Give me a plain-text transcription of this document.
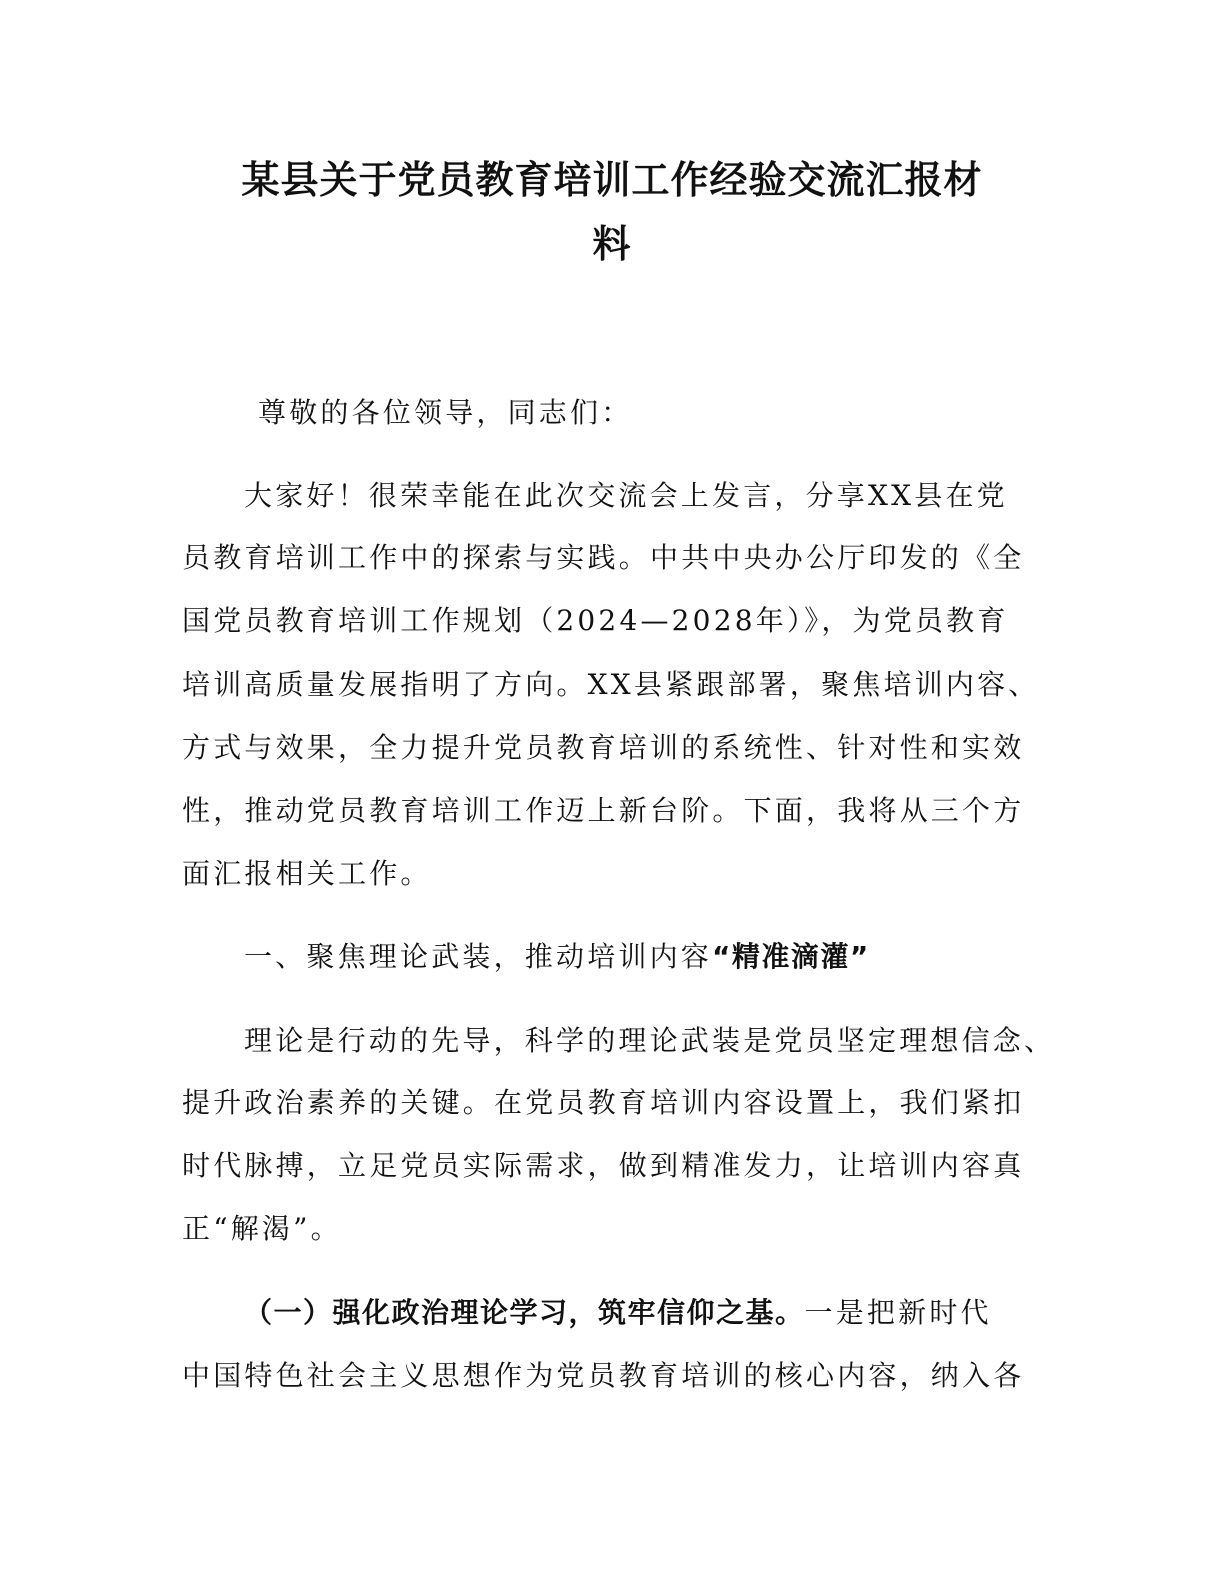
某县关于党员教育培训工作经验交流汇报材
料
尊敬的各位领导，同志们：
大家好！很荣幸能在此次交流会上发言，分享XX县在党
员教育培训工作中的探索与实践。中共中央办公厅印发的《全
国党员教育培训工作规划（2024—2028年）》，为党员教育
培训高质量发展指明了方向。XX县紧跟部署，聚焦培训内容、
方式与效果，全力提升党员教育培训的系统性、针对性和实效
性，推动党员教育培训工作迈上新台阶。下面，我将从三个方
面汇报相关工作。
一、聚焦理论武装，推动培训内容“精准滴灌”
理论是行动的先导，科学的理论武装是党员坚定理想信念、
提升政治素养的关键。在党员教育培训内容设置上，我们紧扣
时代脉搏，立足党员实际需求，做到精准发力，让培训内容真
正“解渴”。
（一）强化政治理论学习，筑牢信仰之基。一是把新时代
中国特色社会主义思想作为党员教育培训的核心内容，纳入各
